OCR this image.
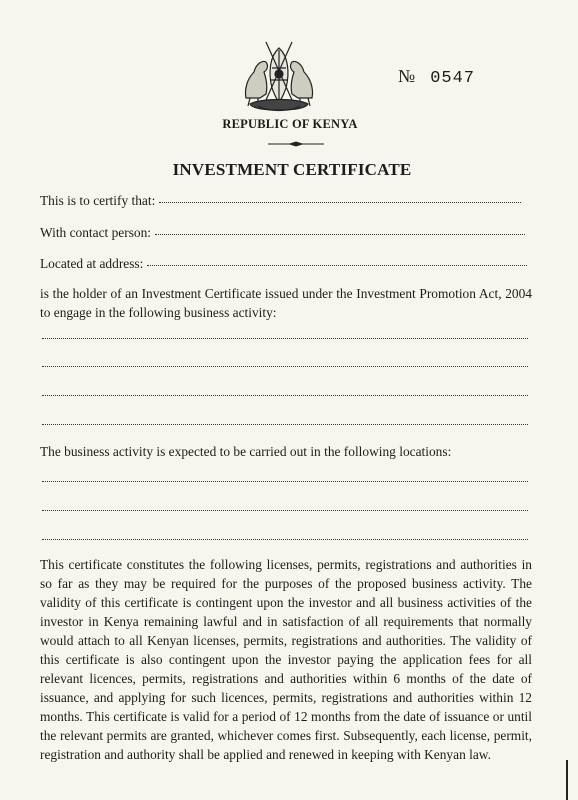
№ 0547
REPUBLIC OF KENYA
INVESTMENT CERTIFICATE
This is to certify that:
With contact person:
Located at address:
is the holder of an Investment Certificate issued under the Investment Promotion Act, 2004 to engage in the following business activity:
The business activity is expected to be carried out in the following locations:
This certificate constitutes the following licenses, permits, registrations and authorities in so far as they may be required for the purposes of the proposed business activity. The validity of this certificate is contingent upon the investor and all business activities of the investor in Kenya remaining lawful and in satisfaction of all requirements that normally would attach to all Kenyan licenses, permits, registrations and authorities. The validity of this certificate is also contingent upon the investor paying the application fees for all relevant licences, permits, registrations and authorities within 6 months of the date of issuance, and applying for such licences, permits, registrations and authorities within 12 months. This certificate is valid for a period of 12 months from the date of issuance or until the relevant permits are granted, whichever comes first. Subsequently, each license, permit, registration and authority shall be applied and renewed in keeping with Kenyan law.
